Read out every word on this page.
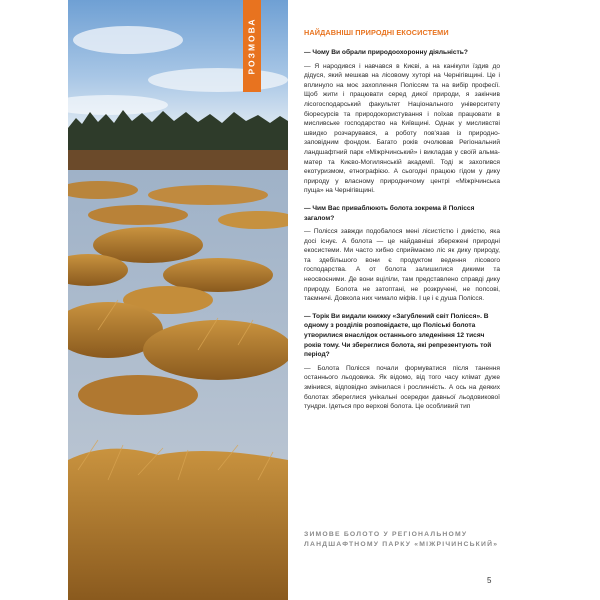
РОЗМОВА	НАЙДАВНІШІ ПРИРОДНІ ЕКОСИСТЕМИ
— Чому Ви обрали природоохоронну діяльність?
— Я народився і навчався в Києві, а на канікули їздив до дідуся, який мешкав на лісовому хуторі на Чернігівщині. Це і вплинуло на моє захоплення Поліссям та на вибір професії. Щоб жити і працювати серед дикої природи, я закінчив лісогосподарський факультет Національного університету біоресурсів та природокористування і поїхав працювати в мисливське господарство на Київщині. Однак у мисливстві швидко розчарувався, а роботу пов'язав із природно-заповідним фондом. Багато років очолював Регіональний ландшафтний парк «Міжрічинський» і викладав у своїй альма-матер та Києво-Могилянській академії. Тоді ж захопився екотуризмом, етнографією. А сьогодні працюю гідом у дику природу у власному природничому центрі «Міжрічинська пуща» на Чернігівщині.
— Чим Вас приваблюють болота зокрема й Полісся загалом?
— Полісся завжди подобалося мені лісистістю і дикістю, яка досі існує. А болота — це найдавніші збережені природні екосистеми. Ми часто хибно сприймаємо ліс як дику природу, та здебільшого вони є продуктом ведення лісового господарства. А от болота залишилися дикими та неосвоєними. Де вони вціліли, там представлено справді дику природу. Болота не затоптані, не розкручені, не попсові, таємничі. Довкола них чимало міфів. І це і є душа Полісся.
— Торік Ви видали книжку «Загублений світ Полісся». В одному з розділів розповідаєте, що Поліські болота утворилися внаслідок останнього зледеніння 12 тисяч років тому. Чи збереглися болота, які репрезентують той період?
— Болота Полісся почали формуватися після танення останнього льодовика. Як відомо, від того часу клімат дуже змінився, відповідно змінилася і рослинність. А ось на деяких болотах збереглися унікальні осередки давньої льодовикової тундри. Ідеться про верхові болота. Це особливий тип
ЗИМОВЕ БОЛОТО У РЕГІОНАЛЬНОМУ ЛАНДШАФТНОМУ ПАРКУ «МІЖРІЧИНСЬКИЙ»
5
